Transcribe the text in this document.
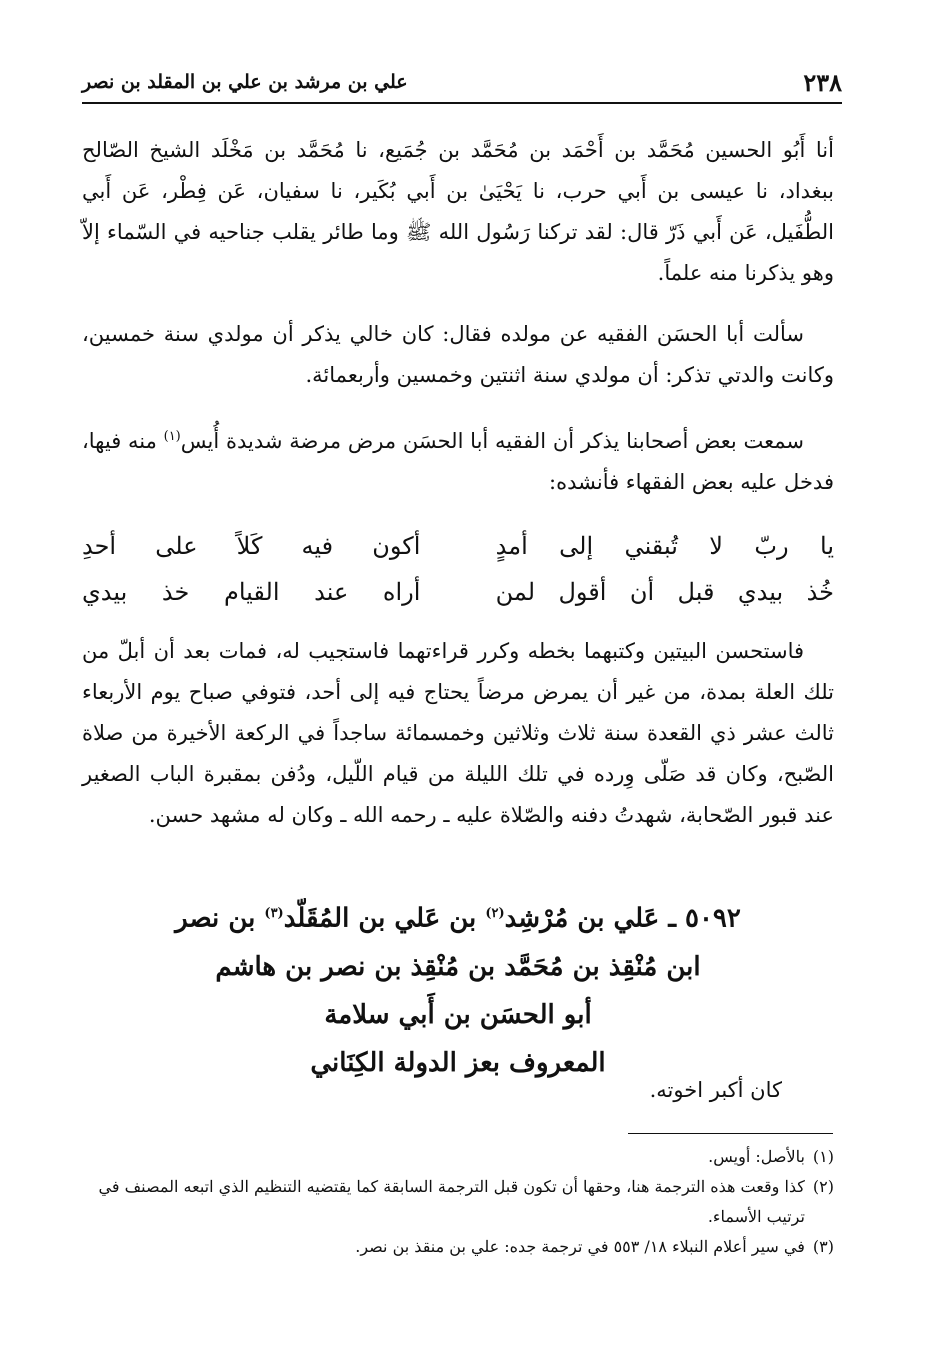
٢٣٨
علي بن مرشد بن علي بن المقلد بن نصر

أنا أَبُو الحسين مُحَمَّد بن أَحْمَد بن مُحَمَّد بن جُمَيع، نا مُحَمَّد بن مَخْلَد الشيخ الصّالح ببغداد، نا عيسى بن أَبي حرب، نا يَحْيَىٰ بن أَبي بُكَير، نا سفيان، عَن فِطْر، عَن أَبي الطُّفَيل، عَن أَبي ذَرّ قال: لقد تركنا رَسُول الله ﷺ وما طائر يقلب جناحيه في السّماء إلاّ وهو يذكرنا منه علماً.

سألت أبا الحسَن الفقيه عن مولده فقال: كان خالي يذكر أن مولدي سنة خمسين، وكانت والدتي تذكر: أن مولدي سنة اثنتين وخمسين وأربعمائة.

سمعت بعض أصحابنا يذكر أن الفقيه أبا الحسَن مرض مرضة شديدة أُيس$^{(١)}$ منه فيها، فدخل عليه بعض الفقهاء فأنشده:

يا ربّ لا تُبقني إلى أمدٍ
أكون فيه كَلاً على أحدِ
خُذ بيدي قبل أن أقول لمن
أراه عند القيام خذ بيدي

فاستحسن البيتين وكتبهما بخطه وكرر قراءتهما فاستجيب له، فمات بعد أن أبلّ من تلك العلة بمدة، من غير أن يمرض مرضاً يحتاج فيه إلى أحد، فتوفي صباح يوم الأربعاء ثالث عشر ذي القعدة سنة ثلاث وثلاثين وخمسمائة ساجداً في الركعة الأخيرة من صلاة الصّبح، وكان قد صَلّى وِرده في تلك الليلة من قيام اللّيل، ودُفن بمقبرة الباب الصغير عند قبور الصّحابة، شهدتُ دفنه والصّلاة عليه ـ رحمه الله ـ وكان له مشهد حسن.

٥٠٩٢ ـ عَلي بن مُرْشِد$^{(٢)}$ بن عَلي بن المُقَلّد$^{(٣)}$ بن نصر
ابن مُنْقِذ بن مُحَمَّد بن مُنْقِذ بن نصر بن هاشم
أبو الحسَن بن أَبي سلامة
المعروف بعز الدولة الكِنَاني
كان أكبر اخوته.
(١)
بالأصل: أويس.
(٢)
كذا وقعت هذه الترجمة هنا، وحقها أن تكون قبل الترجمة السابقة كما يقتضيه التنظيم الذي اتبعه المصنف في ترتيب الأسماء.
(٣)
في سير أعلام النبلاء ١٨/ ٥٥٣ في ترجمة جده: علي بن منقذ بن نصر.
